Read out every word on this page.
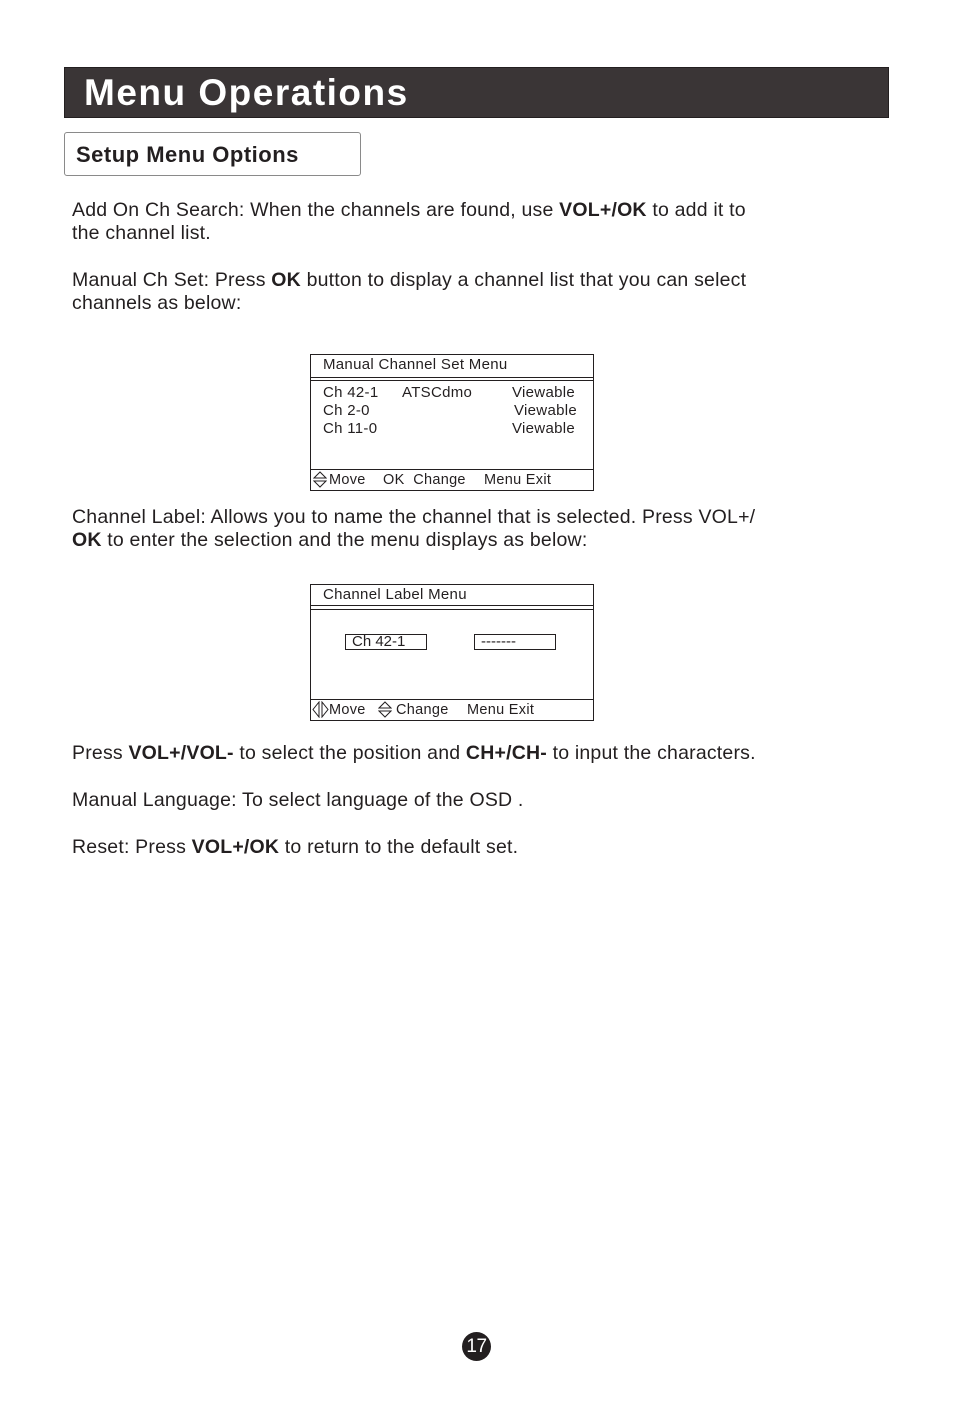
Menu Operations
Setup Menu Options
Add On Ch Search: When the channels are found, use VOL+/OK to add it to
the channel list.
Manual Ch Set: Press OK button to display a channel list that you can select
channels as below:
Manual Channel Set Menu
Ch 42-1 ATSCdmo	Viewable
Ch 2-0	Viewable
Ch 11-0	Viewable
Move OK  Change Menu Exit
Channel Label: Allows you to name the channel that is selected. Press VOL+/
OK to enter the selection and the menu displays as below:
Channel Label Menu
Ch 42-1	-------
Move Change Menu Exit
Press VOL+/VOL- to select the position and CH+/CH- to input the characters.
Manual Language: To select language of the OSD .
Reset: Press VOL+/OK to return to the default set.
17
